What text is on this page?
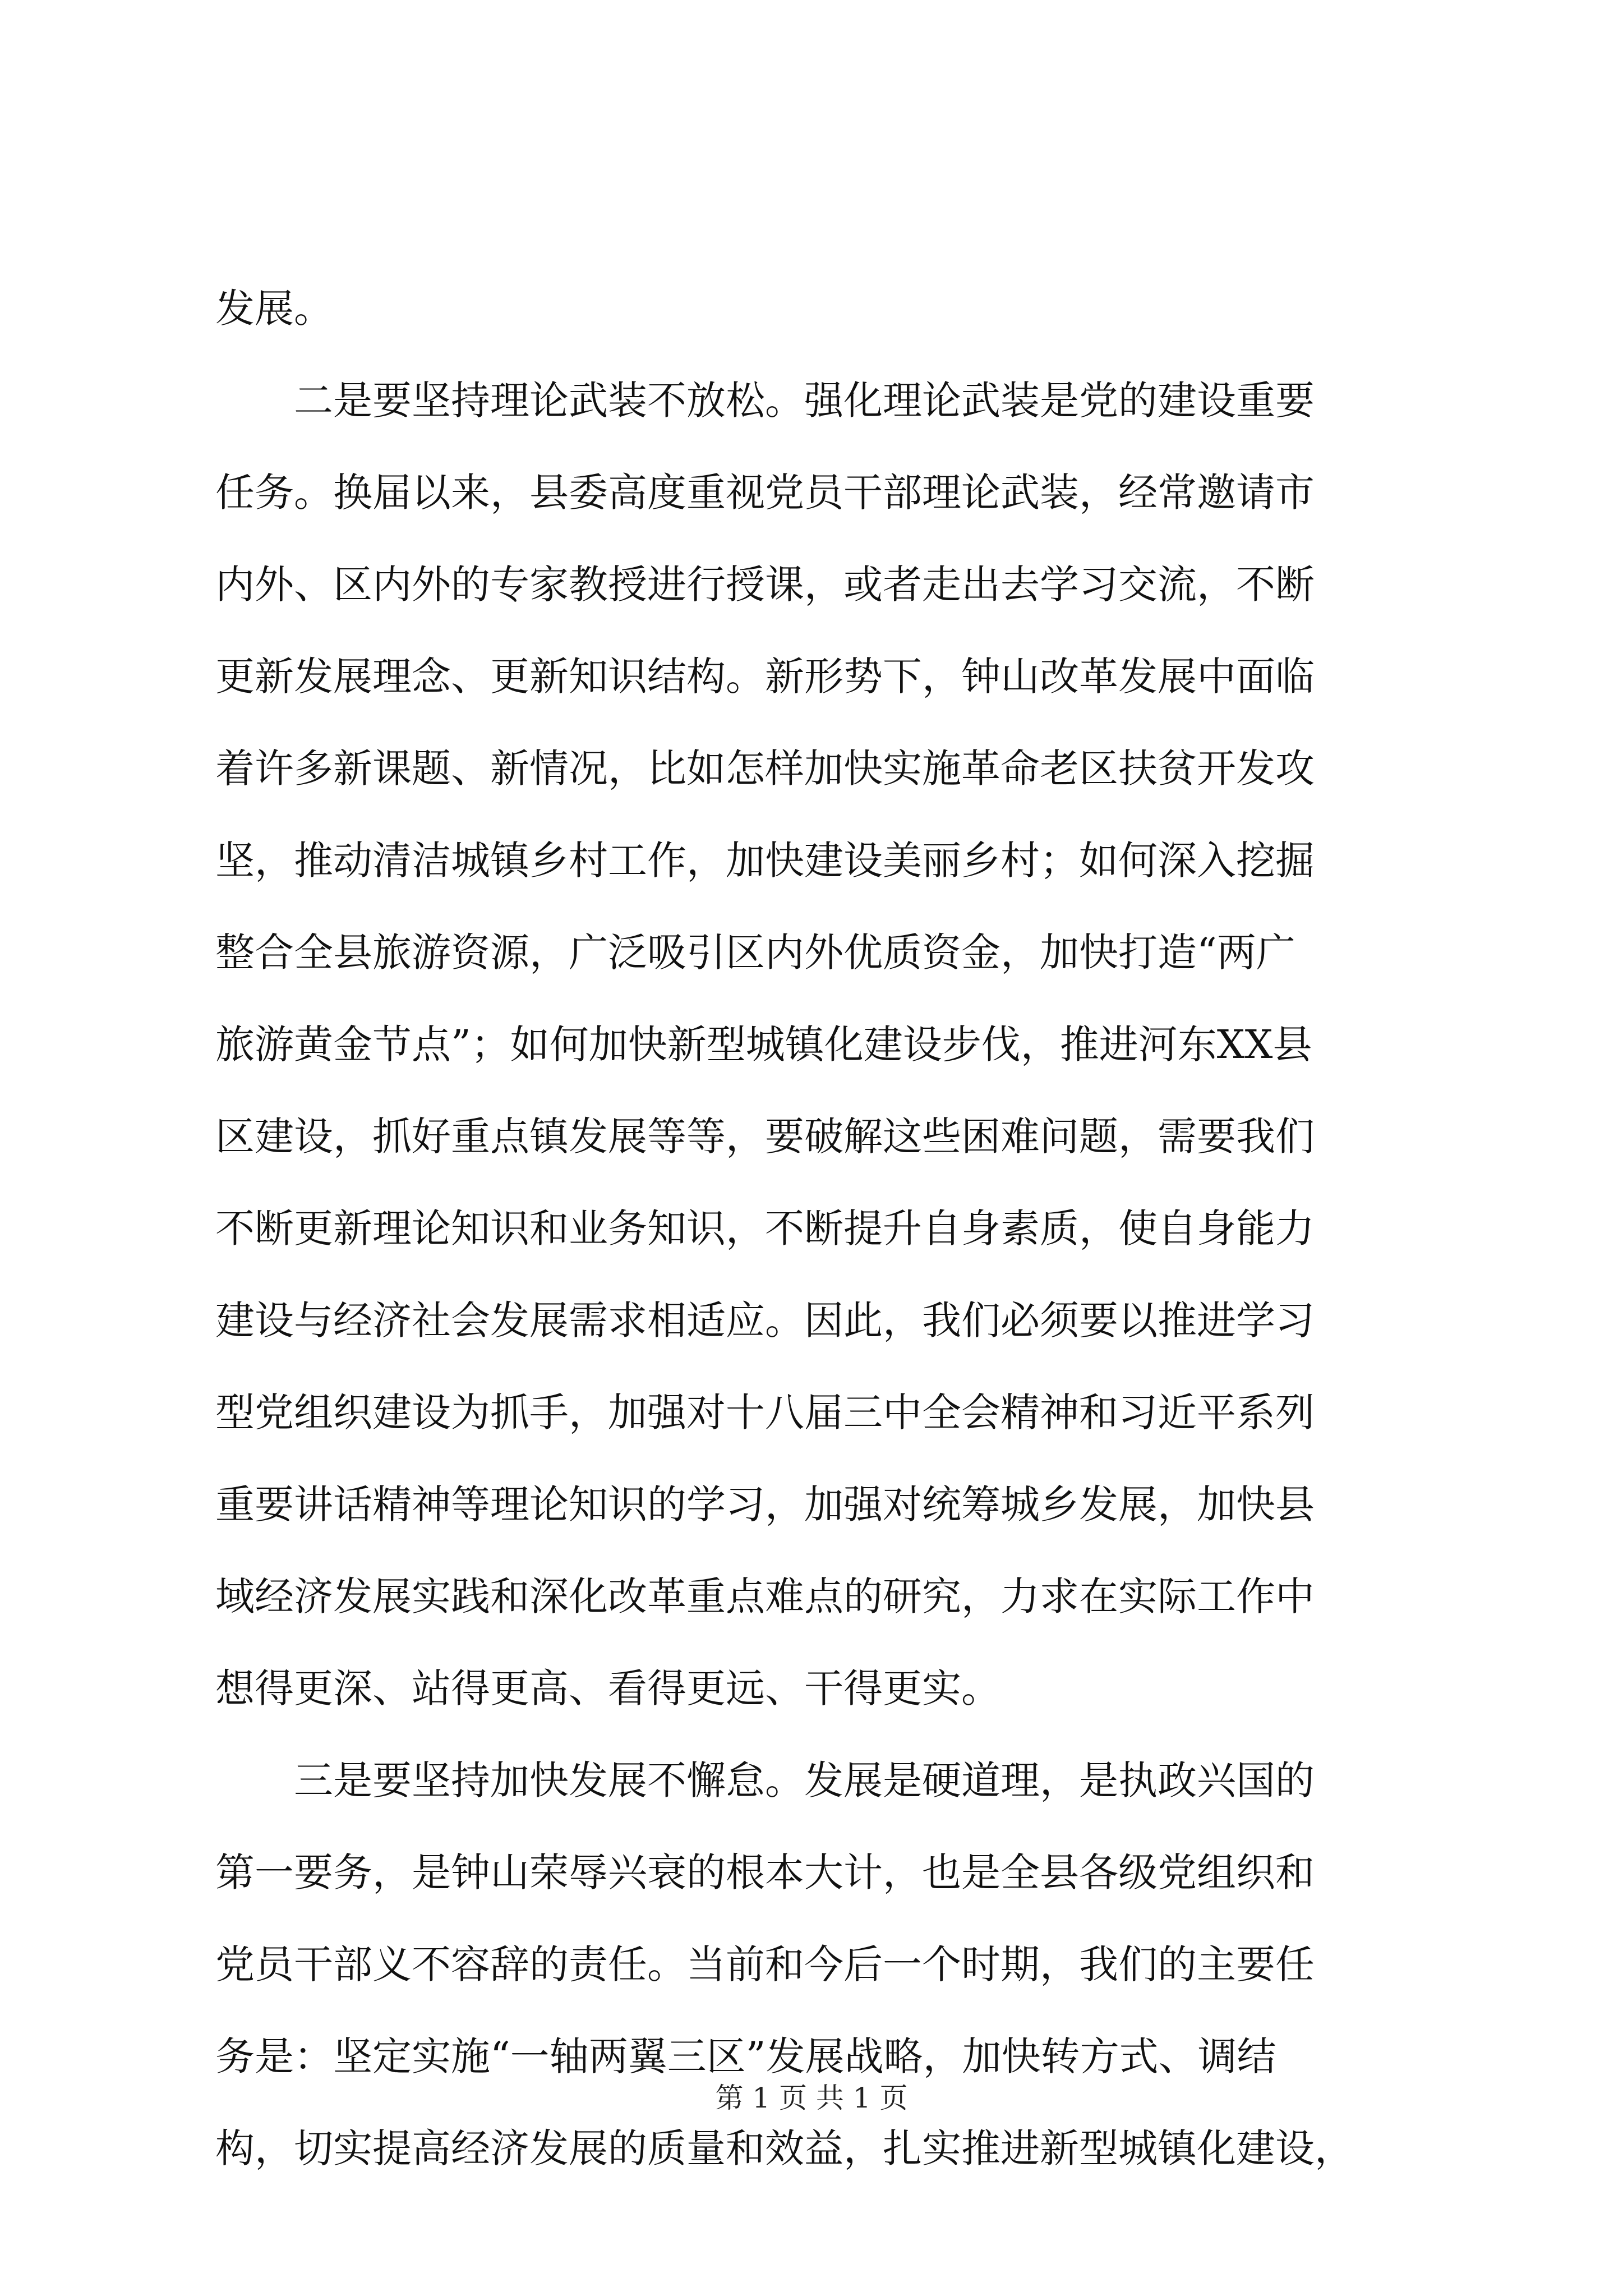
发展。
二是要坚持理论武装不放松。强化理论武装是党的建设重要
任务。换届以来，县委高度重视党员干部理论武装，经常邀请市
内外、区内外的专家教授进行授课，或者走出去学习交流，不断
更新发展理念、更新知识结构。新形势下，钟山改革发展中面临
着许多新课题、新情况，比如怎样加快实施革命老区扶贫开发攻
坚，推动清洁城镇乡村工作，加快建设美丽乡村；如何深入挖掘
整合全县旅游资源，广泛吸引区内外优质资金，加快打造“两广
旅游黄金节点”；如何加快新型城镇化建设步伐，推进河东XX县
区建设，抓好重点镇发展等等，要破解这些困难问题，需要我们
不断更新理论知识和业务知识，不断提升自身素质，使自身能力
建设与经济社会发展需求相适应。因此，我们必须要以推进学习
型党组织建设为抓手，加强对十八届三中全会精神和习近平系列
重要讲话精神等理论知识的学习，加强对统筹城乡发展，加快县
域经济发展实践和深化改革重点难点的研究，力求在实际工作中
想得更深、站得更高、看得更远、干得更实。
三是要坚持加快发展不懈怠。发展是硬道理，是执政兴国的
第一要务，是钟山荣辱兴衰的根本大计，也是全县各级党组织和
党员干部义不容辞的责任。当前和今后一个时期，我们的主要任
务是：坚定实施“一轴两翼三区”发展战略，加快转方式、调结
构，切实提高经济发展的质量和效益，扎实推进新型城镇化建设，
第 1 页 共 1 页
